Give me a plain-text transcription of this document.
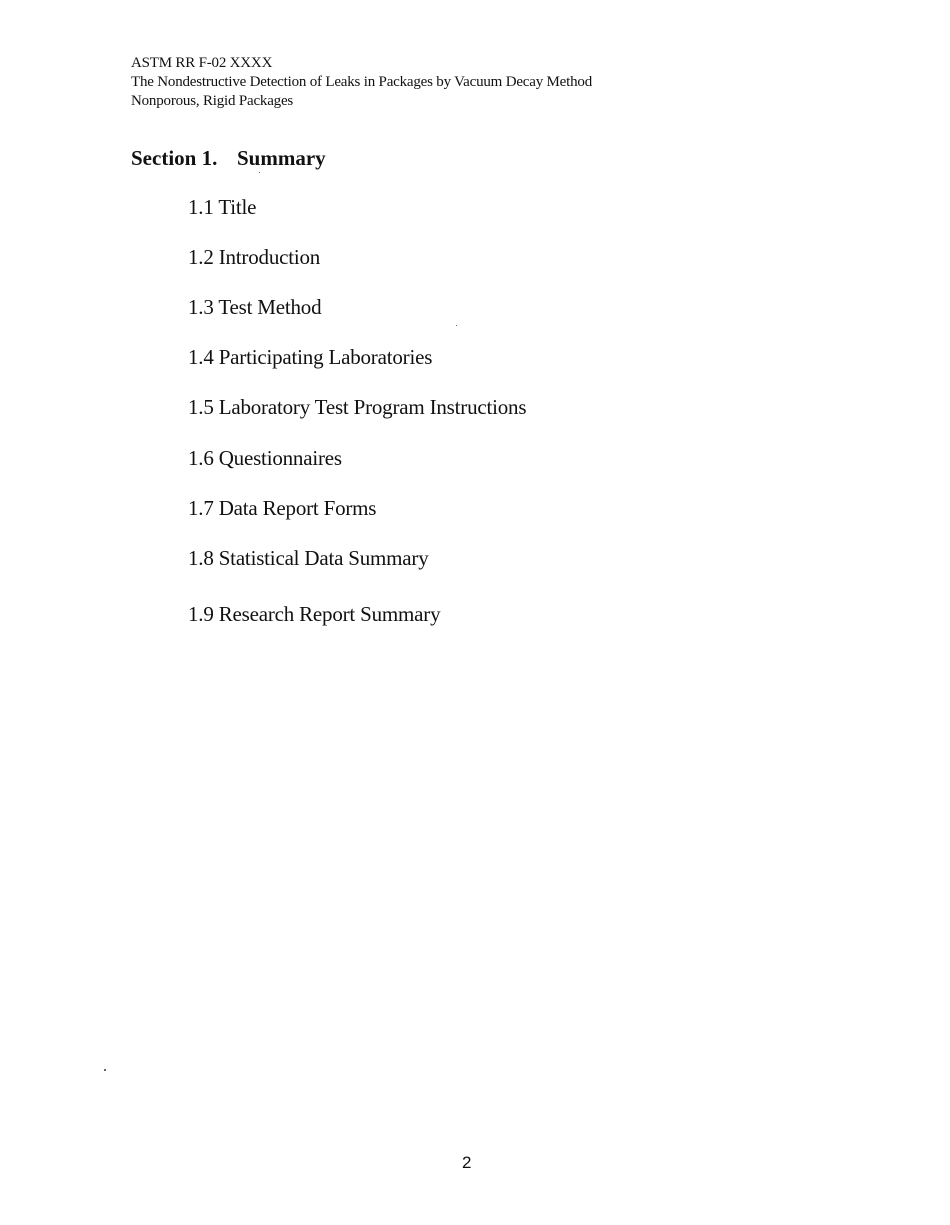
ASTM RR F-02 XXXX
The Nondestructive Detection of Leaks in Packages by Vacuum Decay Method
Nonporous, Rigid Packages
Section 1. Summary
1.1 Title
1.2 Introduction
1.3 Test Method
1.4 Participating Laboratories
1.5 Laboratory Test Program Instructions
1.6 Questionnaires
1.7 Data Report Forms
1.8 Statistical Data Summary
1.9 Research Report Summary
2
